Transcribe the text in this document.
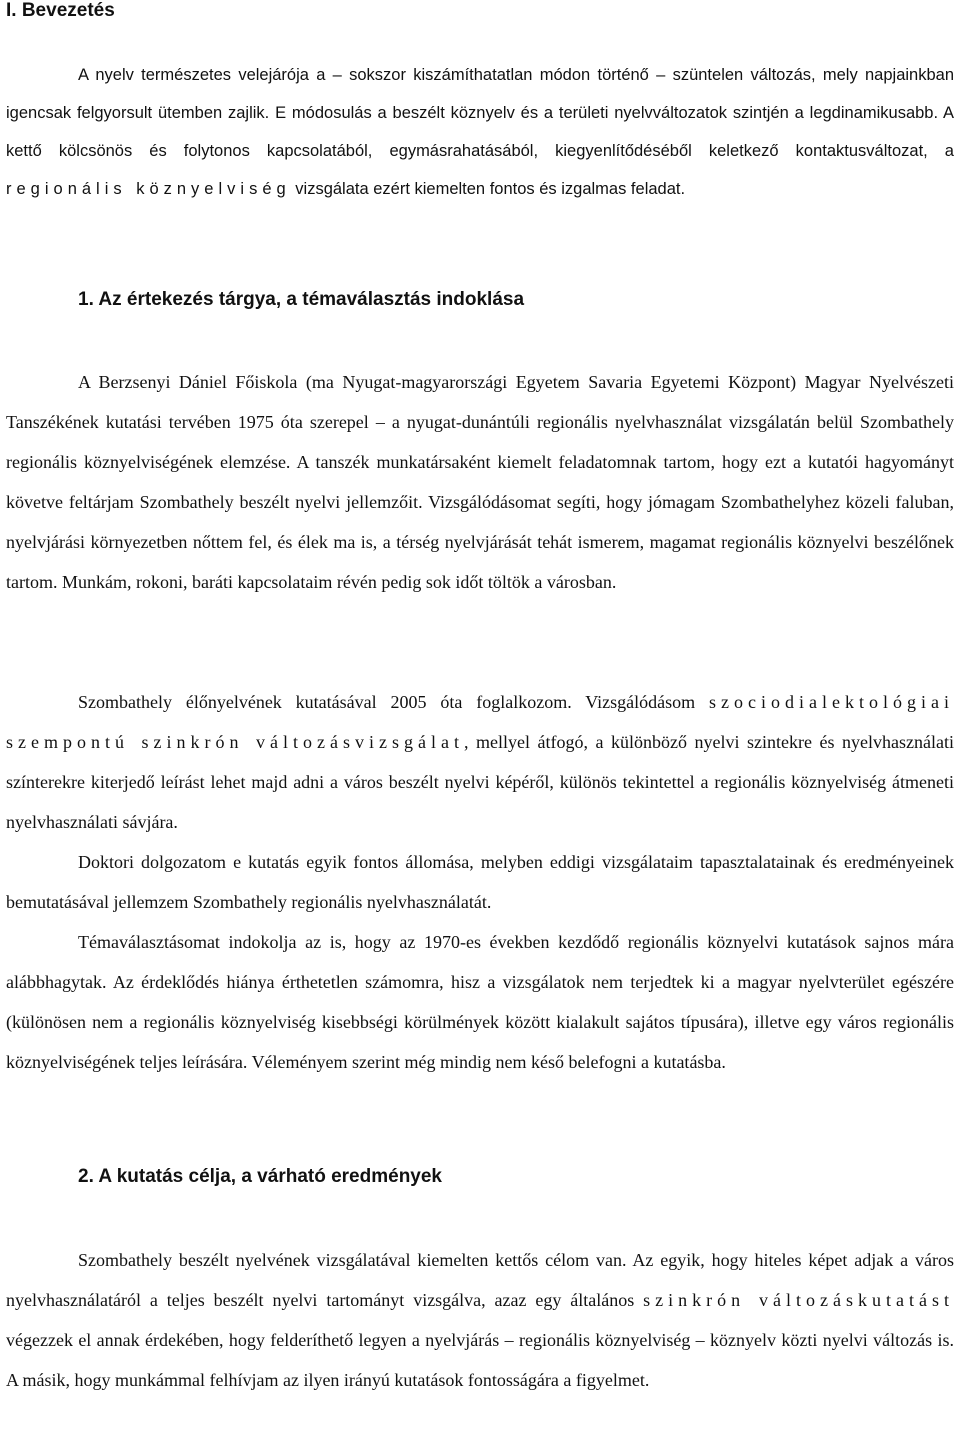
I. Bevezetés

A nyelv természetes velejárója a – sokszor kiszámíthatatlan módon történő – szüntelen változás, mely napjainkban igencsak felgyorsult ütemben zajlik. E módosulás a beszélt köznyelv és a területi nyelvváltozatok szintjén a legdinamikusabb. A kettő kölcsönös és folytonos kapcsolatából, egymásrahatásából, kiegyenlítődéséből keletkező kontaktusváltozat, a regionális köznyelviség vizsgálata ezért kiemelten fontos és izgalmas feladat.

1. Az értekezés tárgya, a témaválasztás indoklása

A Berzsenyi Dániel Főiskola (ma Nyugat-magyarországi Egyetem Savaria Egyetemi Központ) Magyar Nyelvészeti Tanszékének kutatási tervében 1975 óta szerepel – a nyugat-dunántúli regionális nyelvhasználat vizsgálatán belül Szombathely regionális köznyelviségének elemzése. A tanszék munkatársaként kiemelt feladatomnak tartom, hogy ezt a kutatói hagyományt követve feltárjam Szombathely beszélt nyelvi jellemzőit. Vizsgálódásomat segíti, hogy jómagam Szombathelyhez közeli faluban, nyelvjárási környezetben nőttem fel, és élek ma is, a térség nyelvjárását tehát ismerem, magamat regionális köznyelvi beszélőnek tartom. Munkám, rokoni, baráti kapcsolataim révén pedig sok időt töltök a városban.

Szombathely élőnyelvének kutatásával 2005 óta foglalkozom. Vizsgálódásom szociodialektológiai szempontú szinkrón változásvizsgálat, mellyel átfogó, a különböző nyelvi szintekre és nyelvhasználati színterekre kiterjedő leírást lehet majd adni a város beszélt nyelvi képéről, különös tekintettel a regionális köznyelviség átmeneti nyelvhasználati sávjára.

Doktori dolgozatom e kutatás egyik fontos állomása, melyben eddigi vizsgálataim tapasztalatainak és eredményeinek bemutatásával jellemzem Szombathely regionális nyelvhasználatát.

Témaválasztásomat indokolja az is, hogy az 1970-es években kezdődő regionális köznyelvi kutatások sajnos mára alábbhagytak. Az érdeklődés hiánya érthetetlen számomra, hisz a vizsgálatok nem terjedtek ki a magyar nyelvterület egészére (különösen nem a regionális köznyelviség kisebbségi körülmények között kialakult sajátos típusára), illetve egy város regionális köznyelviségének teljes leírására. Véleményem szerint még mindig nem késő belefogni a kutatásba.

2. A kutatás célja, a várható eredmények

Szombathely beszélt nyelvének vizsgálatával kiemelten kettős célom van. Az egyik, hogy hiteles képet adjak a város nyelvhasználatáról a teljes beszélt nyelvi tartományt vizsgálva, azaz egy általános szinkrón változáskutatást végezzek el annak érdekében, hogy felderíthető legyen a nyelvjárás – regionális köznyelviség – köznyelv közti nyelvi változás is. A másik, hogy munkámmal felhívjam az ilyen irányú kutatások fontosságára a figyelmet.
